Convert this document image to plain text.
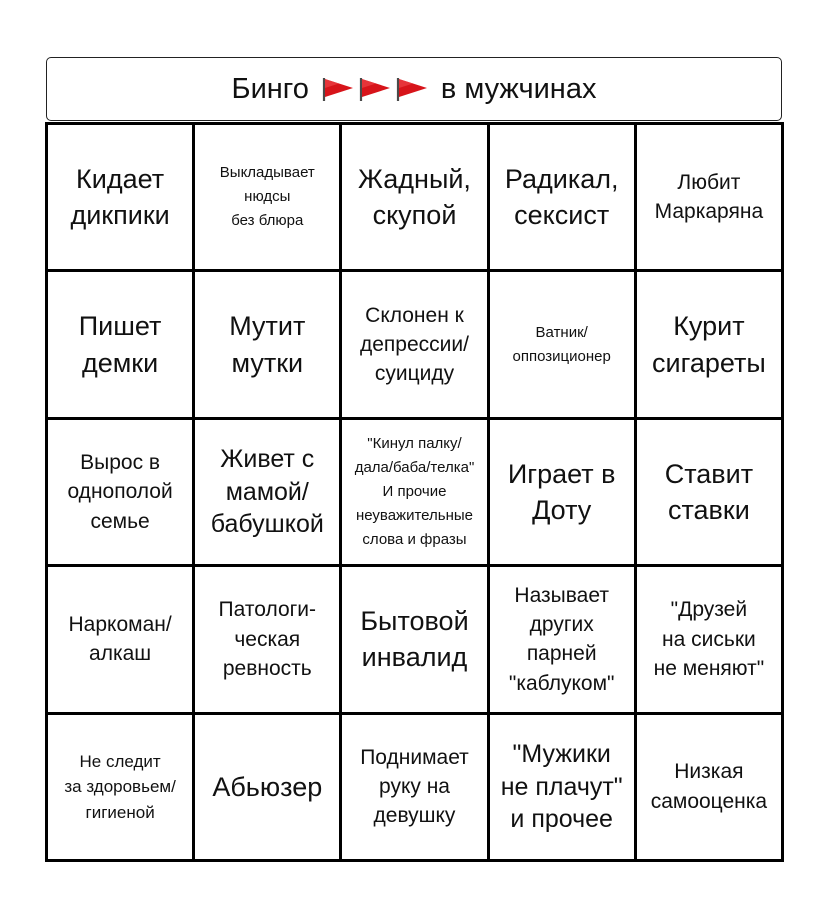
Бинго	в мужчинах
Кидает
дикпики
Выкладывает
нюдсы
без блюра
Жадный,
скупой
Радикал,
сексист
Любит
Маркаряна
Пишет
демки
Мутит
мутки
Склонен к
депрессии/
суициду
Ватник/
оппозиционер
Курит
сигареты
Вырос в
однополой
семье
Живет с
мамой/
бабушкой
"Кинул палку/
дала/баба/телка"
И прочие
неуважительные
слова и фразы
Играет в
Доту
Ставит
ставки
Наркоман/
алкаш
Патологи-
ческая
ревность
Бытовой
инвалид
Называет
других
парней
"каблуком"
"Друзей
на сиськи
не меняют"
Не следит
за здоровьем/
гигиеной
Абьюзер
Поднимает
руку на
девушку
"Мужики
не плачут"
и прочее
Низкая
самооценка
